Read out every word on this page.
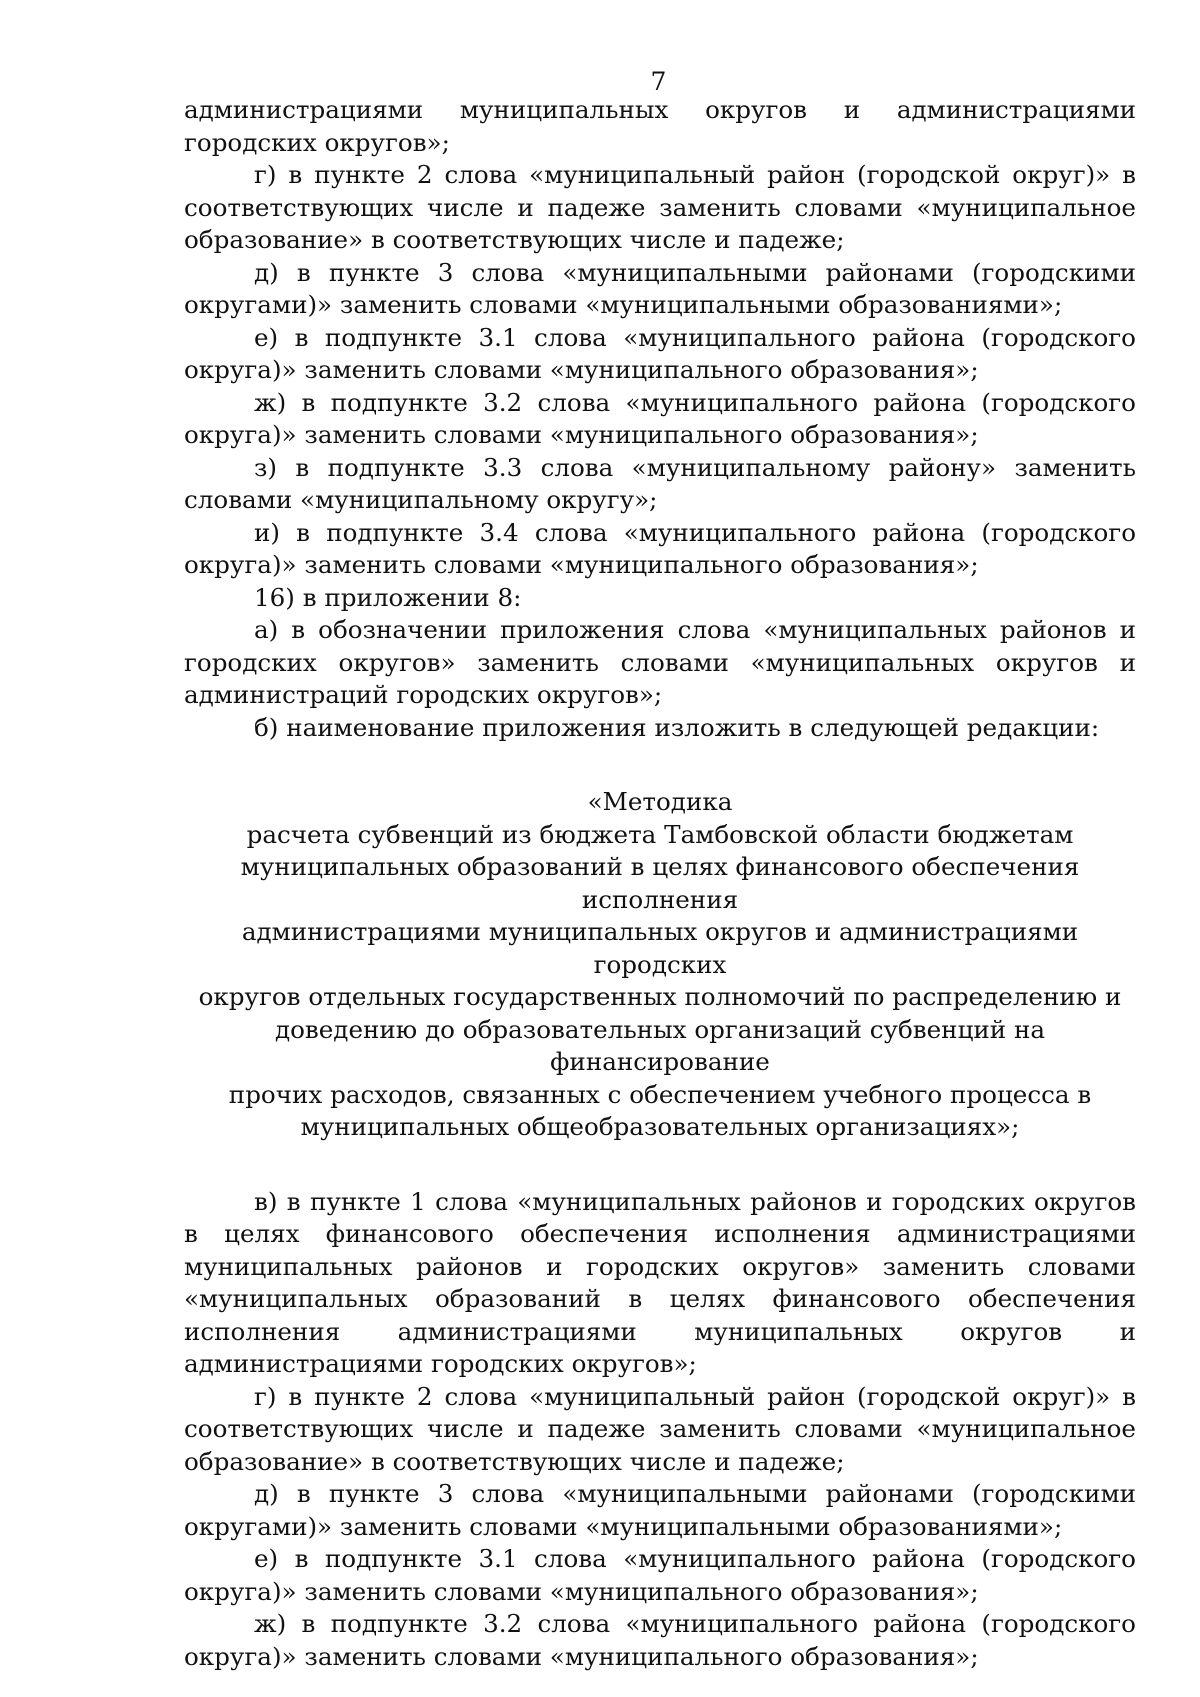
7

администрациями муниципальных округов и администрациями городских округов»;

г) в пункте 2 слова «муниципальный район (городской округ)» в соответствующих числе и падеже заменить словами «муниципальное образование» в соответствующих числе и падеже;

д) в пункте 3 слова «муниципальными районами (городскими округами)» заменить словами «муниципальными образованиями»;

е) в подпункте 3.1 слова «муниципального района (городского округа)» заменить словами «муниципального образования»;

ж) в подпункте 3.2 слова «муниципального района (городского округа)» заменить словами «муниципального образования»;

з) в подпункте 3.3 слова «муниципальному району» заменить словами «муниципальному округу»;

и) в подпункте 3.4 слова «муниципального района (городского округа)» заменить словами «муниципального образования»;

16) в приложении 8:

а) в обозначении приложения слова «муниципальных районов и городских округов» заменить словами «муниципальных округов и администраций городских округов»;

б) наименование приложения изложить в следующей редакции:

«Методика
расчета субвенций из бюджета Тамбовской области бюджетам
муниципальных образований в целях финансового обеспечения исполнения
администрациями муниципальных округов и администрациями городских
округов отдельных государственных полномочий по распределению и
доведению до образовательных организаций субвенций на финансирование
прочих расходов, связанных с обеспечением учебного процесса в
муниципальных общеобразовательных организациях»;

в) в пункте 1 слова «муниципальных районов и городских округов в целях финансового обеспечения исполнения администрациями муниципальных районов и городских округов» заменить словами «муниципальных образований в целях финансового обеспечения исполнения администрациями муниципальных округов и администрациями городских округов»;

г) в пункте 2 слова «муниципальный район (городской округ)» в соответствующих числе и падеже заменить словами «муниципальное образование» в соответствующих числе и падеже;

д) в пункте 3 слова «муниципальными районами (городскими округами)» заменить словами «муниципальными образованиями»;

е) в подпункте 3.1 слова «муниципального района (городского округа)» заменить словами «муниципального образования»;

ж) в подпункте 3.2 слова «муниципального района (городского округа)» заменить словами «муниципального образования»;
